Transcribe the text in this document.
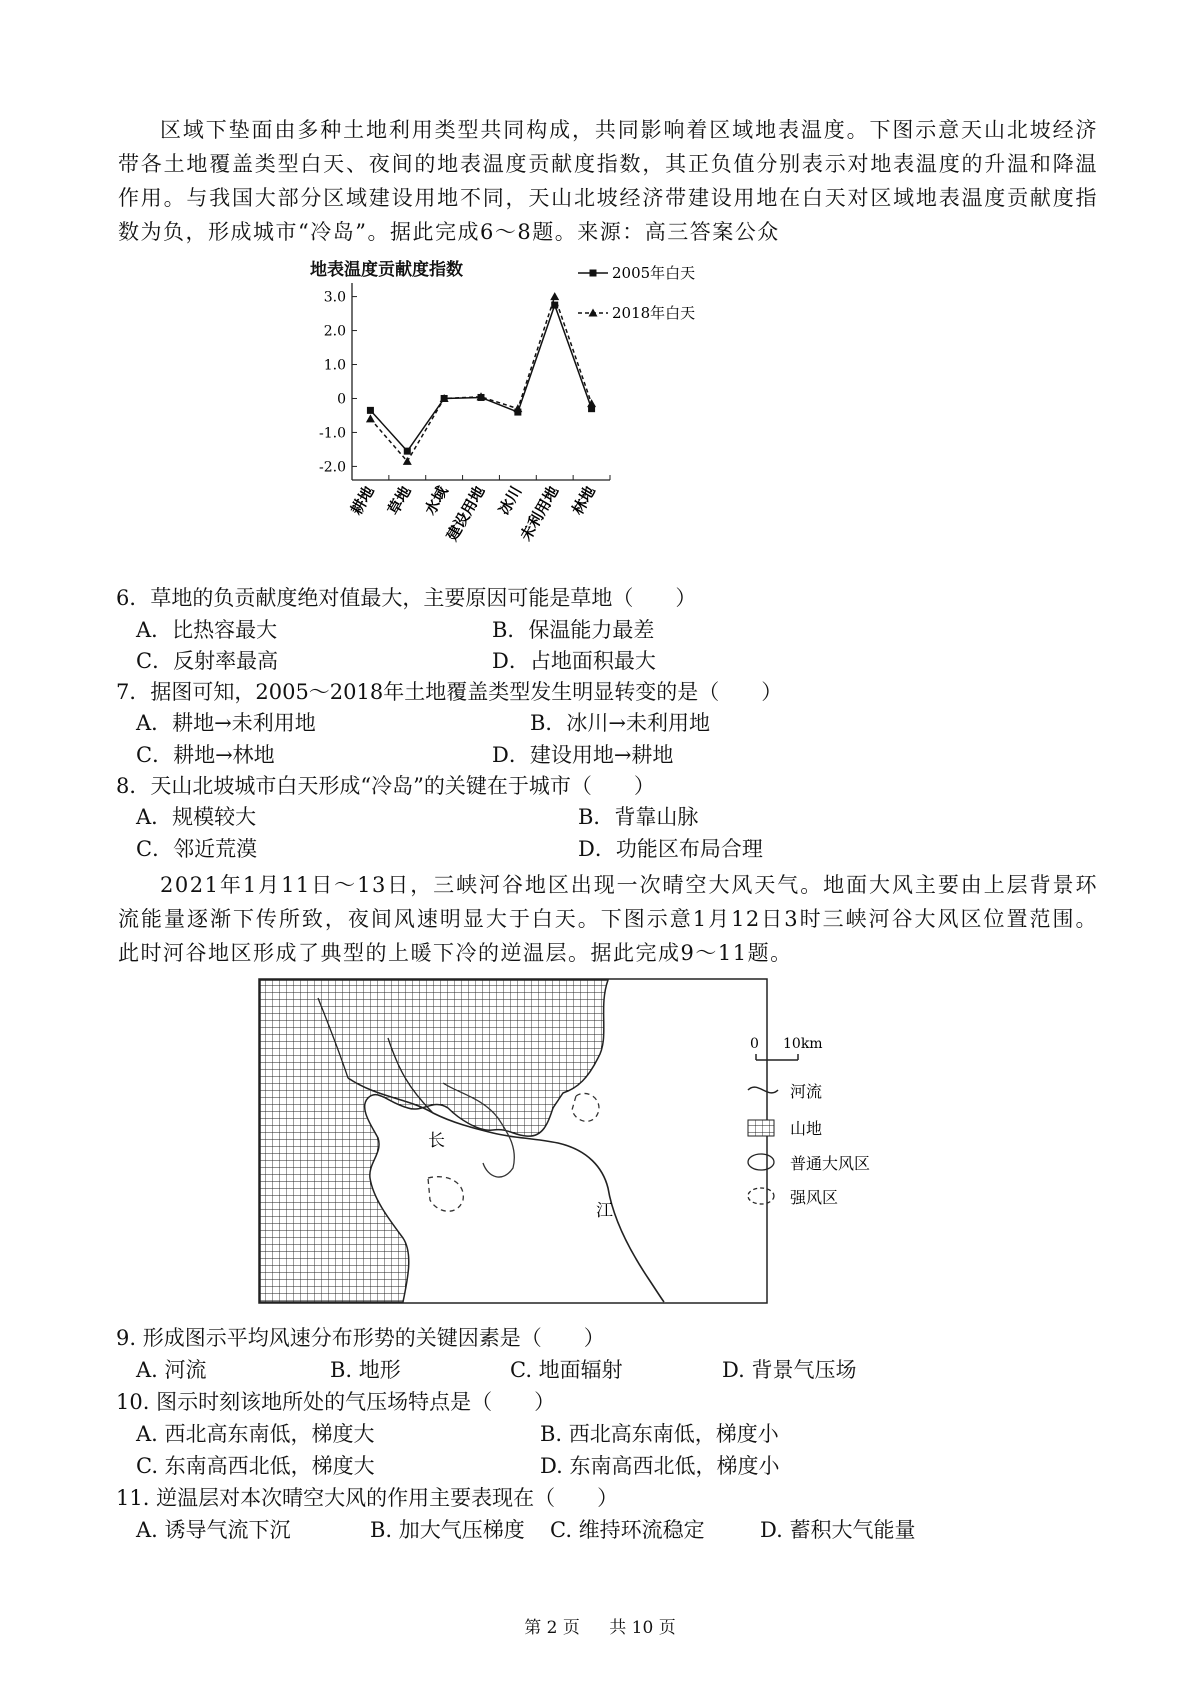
区域下垫面由多种土地利用类型共同构成，共同影响着区域地表温度。下图示意天山北坡经济带各土地覆盖类型白天、夜间的地表温度贡献度指数，其正负值分别表示对地表温度的升温和降温作用。与我国大部分区域建设用地不同，天山北坡经济带建设用地在白天对区域地表温度贡献度指数为负，形成城市“冷岛”。据此完成6～8题。来源：高三答案公众

地表温度贡献度指数
3.0
2.0
1.0
0
-1.0
-2.0
耕地 草地 水域
建设用地 冰川
未利用地 林地
2005年白天
2018年白天
6．草地的负贡献度绝对值最大，主要原因可能是草地（　　）
A．比热容最大	B．保温能力最差
C．反射率最高	D．占地面积最大
7．据图可知，2005～2018年土地覆盖类型发生明显转变的是（　　）
A．耕地→未利用地	B．冰川→未利用地
C．耕地→林地	D．建设用地→耕地
8．天山北坡城市白天形成“冷岛”的关键在于城市（　　）
A．规模较大	B．背靠山脉
C．邻近荒漠	D．功能区布局合理

2021年1月11日～13日，三峡河谷地区出现一次晴空大风天气。地面大风主要由上层背景环流能量逐渐下传所致，夜间风速明显大于白天。下图示意1月12日3时三峡河谷大风区位置范围。此时河谷地区形成了典型的上暖下冷的逆温层。据此完成9～11题。

长
江
0 10km
河流
山地
普通大风区
强风区
9. 形成图示平均风速分布形势的关键因素是（　　）
A. 河流	B. 地形	C. 地面辐射	D. 背景气压场
10. 图示时刻该地所处的气压场特点是（　　）
A. 西北高东南低，梯度大	B. 西北高东南低，梯度小
C. 东南高西北低，梯度大	D. 东南高西北低，梯度小
11. 逆温层对本次晴空大风的作用主要表现在（　　）
A. 诱导气流下沉	B. 加大气压梯度 C. 维持环流稳定	D. 蓄积大气能量
第 2 页 共 10 页
